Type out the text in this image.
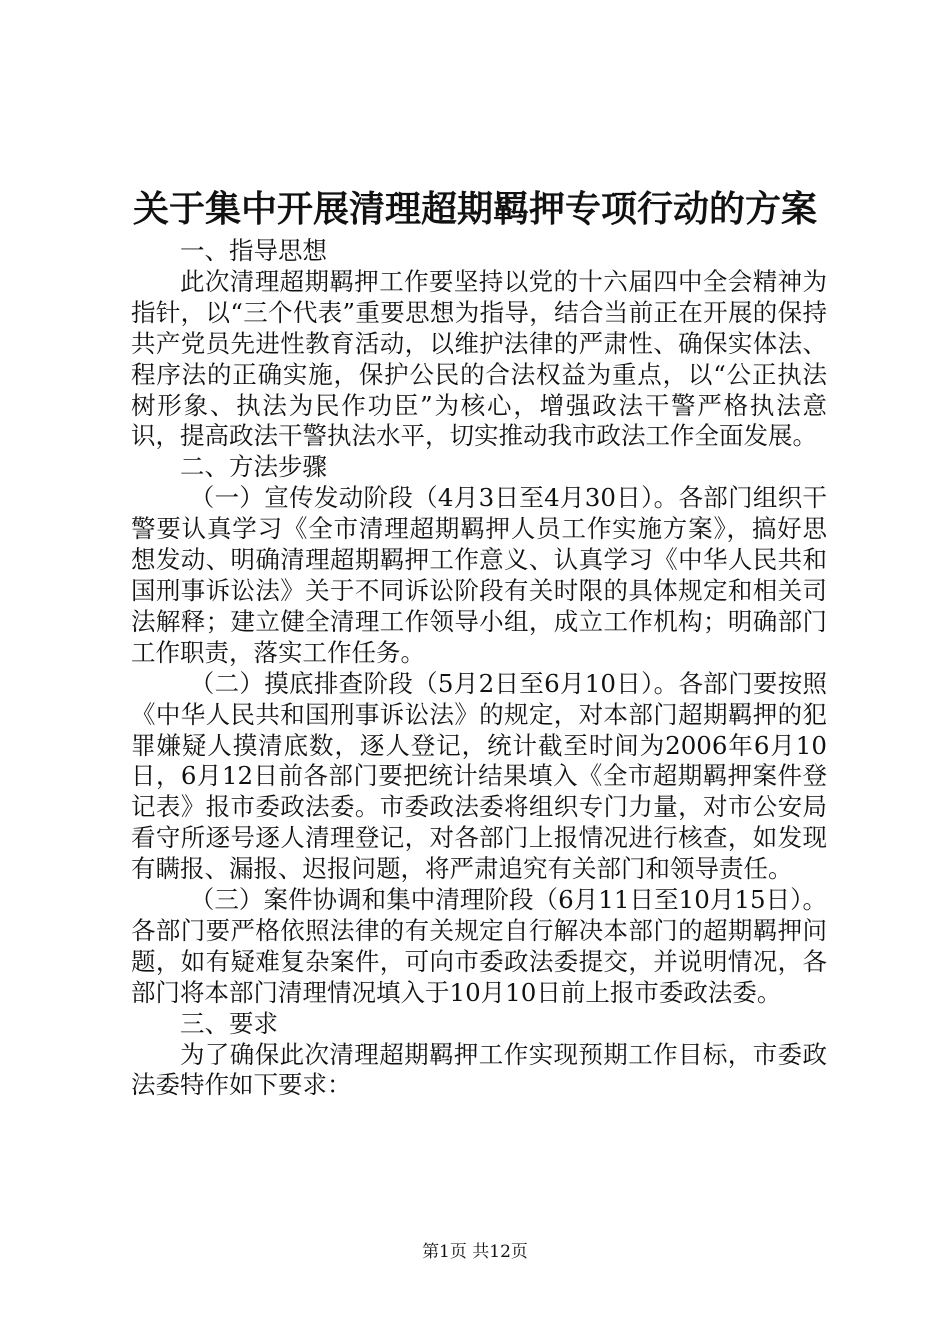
关于集中开展清理超期羁押专项行动的方案

一、指导思想

此次清理超期羁押工作要坚持以党的十六届四中全会精神为指针，以“三个代表”重要思想为指导，结合当前正在开展的保持共产党员先进性教育活动，以维护法律的严肃性、确保实体法、程序法的正确实施，保护公民的合法权益为重点，以“公正执法树形象、执法为民作功臣”为核心，增强政法干警严格执法意识，提高政法干警执法水平，切实推动我市政法工作全面发展。

二、方法步骤

（一）宣传发动阶段（4月3日至4月30日）。各部门组织干警要认真学习《全市清理超期羁押人员工作实施方案》，搞好思想发动、明确清理超期羁押工作意义、认真学习《中华人民共和国刑事诉讼法》关于不同诉讼阶段有关时限的具体规定和相关司法解释；建立健全清理工作领导小组，成立工作机构；明确部门工作职责，落实工作任务。

（二）摸底排查阶段（5月2日至6月10日）。各部门要按照《中华人民共和国刑事诉讼法》的规定，对本部门超期羁押的犯罪嫌疑人摸清底数，逐人登记，统计截至时间为2006年6月10日，6月12日前各部门要把统计结果填入《全市超期羁押案件登记表》报市委政法委。市委政法委将组织专门力量，对市公安局看守所逐号逐人清理登记，对各部门上报情况进行核查，如发现有瞒报、漏报、迟报问题，将严肃追究有关部门和领导责任。

（三）案件协调和集中清理阶段（6月11日至10月15日）。各部门要严格依照法律的有关规定自行解决本部门的超期羁押问题，如有疑难复杂案件，可向市委政法委提交，并说明情况，各部门将本部门清理情况填入于10月10日前上报市委政法委。

三、要求

为了确保此次清理超期羁押工作实现预期工作目标，市委政法委特作如下要求：

第1页 共12页
